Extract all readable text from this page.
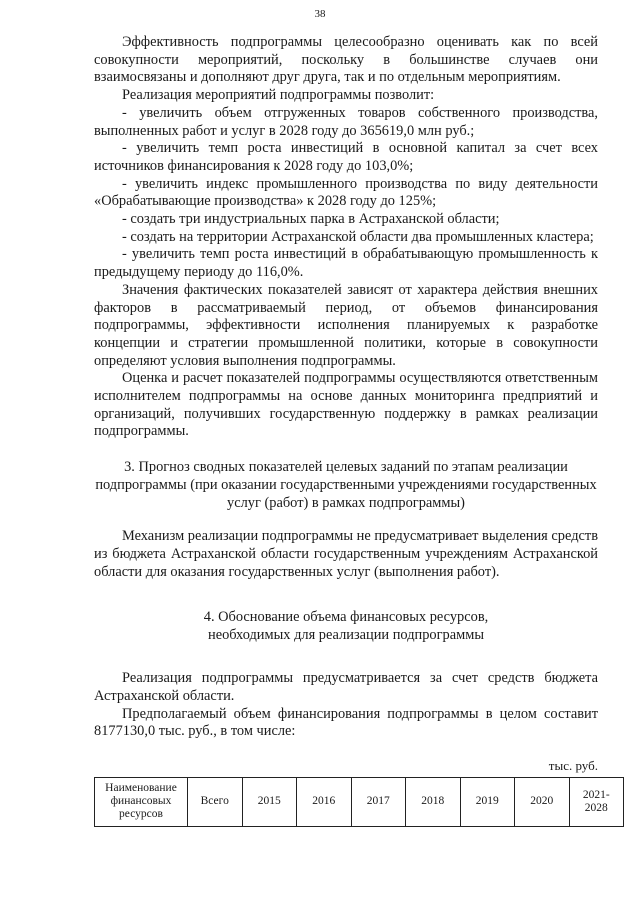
38

Эффективность подпрограммы целесообразно оценивать как по всей совокупности мероприятий, поскольку в большинстве случаев они взаимосвязаны и дополняют друг друга, так и по отдельным мероприятиям.

Реализация мероприятий подпрограммы позволит:

- увеличить объем отгруженных товаров собственного производства, выполненных работ и услуг в 2028 году до 365619,0 млн руб.;

- увеличить темп роста инвестиций в основной капитал за счет всех источников финансирования к 2028 году до 103,0%;

- увеличить индекс промышленного производства по виду деятельности «Обрабатывающие производства» к 2028 году до 125%;

- создать три индустриальных парка в Астраханской области;

- создать на территории Астраханской области два промышленных кластера;

- увеличить темп роста инвестиций в обрабатывающую промышленность к предыдущему периоду до 116,0%.

Значения фактических показателей зависят от характера действия внешних факторов в рассматриваемый период, от объемов финансирования подпрограммы, эффективности исполнения планируемых к разработке концепции и стратегии промышленной политики, которые в совокупности определяют условия выполнения подпрограммы.

Оценка и расчет показателей подпрограммы осуществляются ответственным исполнителем подпрограммы на основе данных мониторинга предприятий и организаций, получивших государственную поддержку в рамках реализации подпрограммы.

3. Прогноз сводных показателей целевых заданий по этапам реализации подпрограммы (при оказании государственными учреждениями государственных услуг (работ) в рамках подпрограммы)

Механизм реализации подпрограммы не предусматривает выделения средств из бюджета Астраханской области государственным учреждениям Астраханской области для оказания государственных услуг (выполнения работ).

4. Обоснование объема финансовых ресурсов,
необходимых для реализации подпрограммы

Реализация подпрограммы предусматривается за счет средств бюджета Астраханской области.

Предполагаемый объем финансирования подпрограммы в целом составит 8177130,0 тыс. руб., в том числе:

тыс. руб.
Наименование финансовых ресурсов	Всего	2015	2016	2017	2018	2019	2020	2021-2028
